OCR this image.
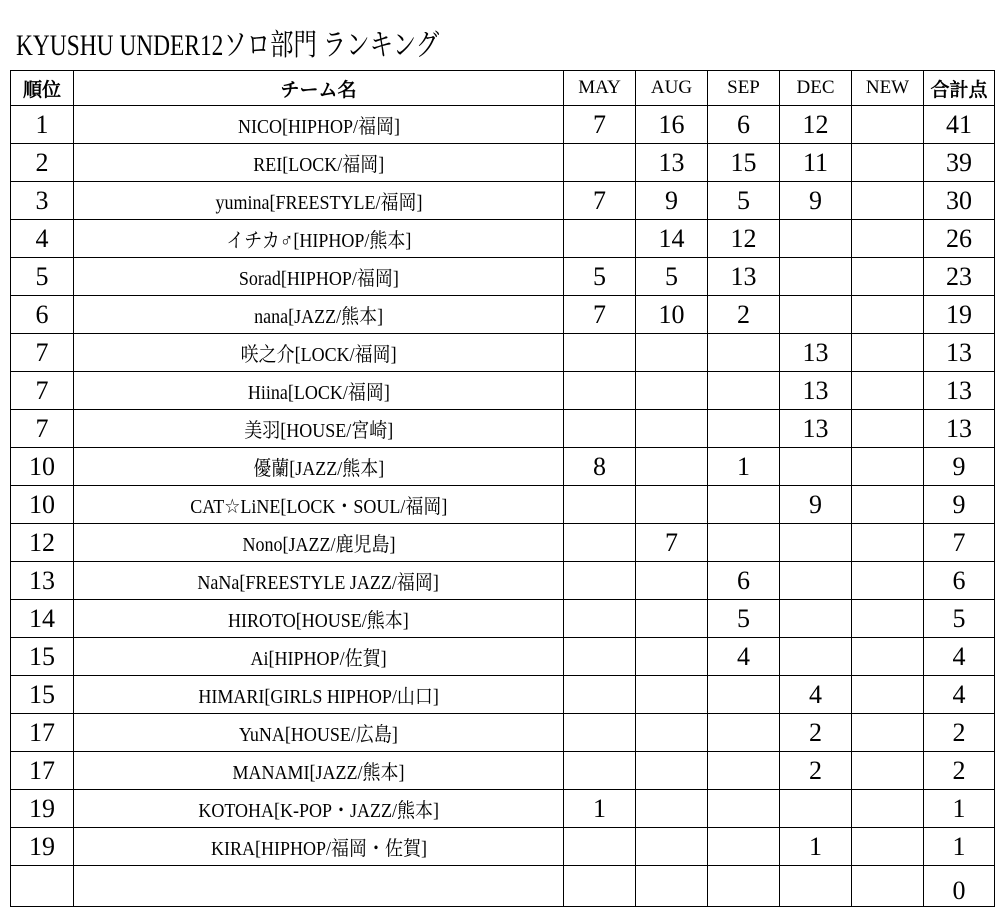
KYUSHU UNDER12ソロ部門 ランキング
順位	チーム名	MAY	AUG	SEP	DEC	NEW	合計点
1	NICO[HIPHOP/福岡]	7	16	6	12		41
2	REI[LOCK/福岡]		13	15	11		39
3	yumina[FREESTYLE/福岡]	7	9	5	9		30
4	イチカ♂[HIPHOP/熊本]		14	12			26
5	Sorad[HIPHOP/福岡]	5	5	13			23
6	nana[JAZZ/熊本]	7	10	2			19
7	咲之介[LOCK/福岡]				13		13
7	Hiina[LOCK/福岡]				13		13
7	美羽[HOUSE/宮崎]				13		13
10	優蘭[JAZZ/熊本]	8		1			9
10	CAT☆LiNE[LOCK・SOUL/福岡]				9		9
12	Nono[JAZZ/鹿児島]		7				7
13	NaNa[FREESTYLE JAZZ/福岡]			6			6
14	HIROTO[HOUSE/熊本]			5			5
15	Ai[HIPHOP/佐賀]			4			4
15	HIMARI[GIRLS HIPHOP/山口]				4		4
17	YuNA[HOUSE/広島]				2		2
17	MANAMI[JAZZ/熊本]				2		2
19	KOTOHA[K-POP・JAZZ/熊本]	1					1
19	KIRA[HIPHOP/福岡・佐賀]				1		1
							0
